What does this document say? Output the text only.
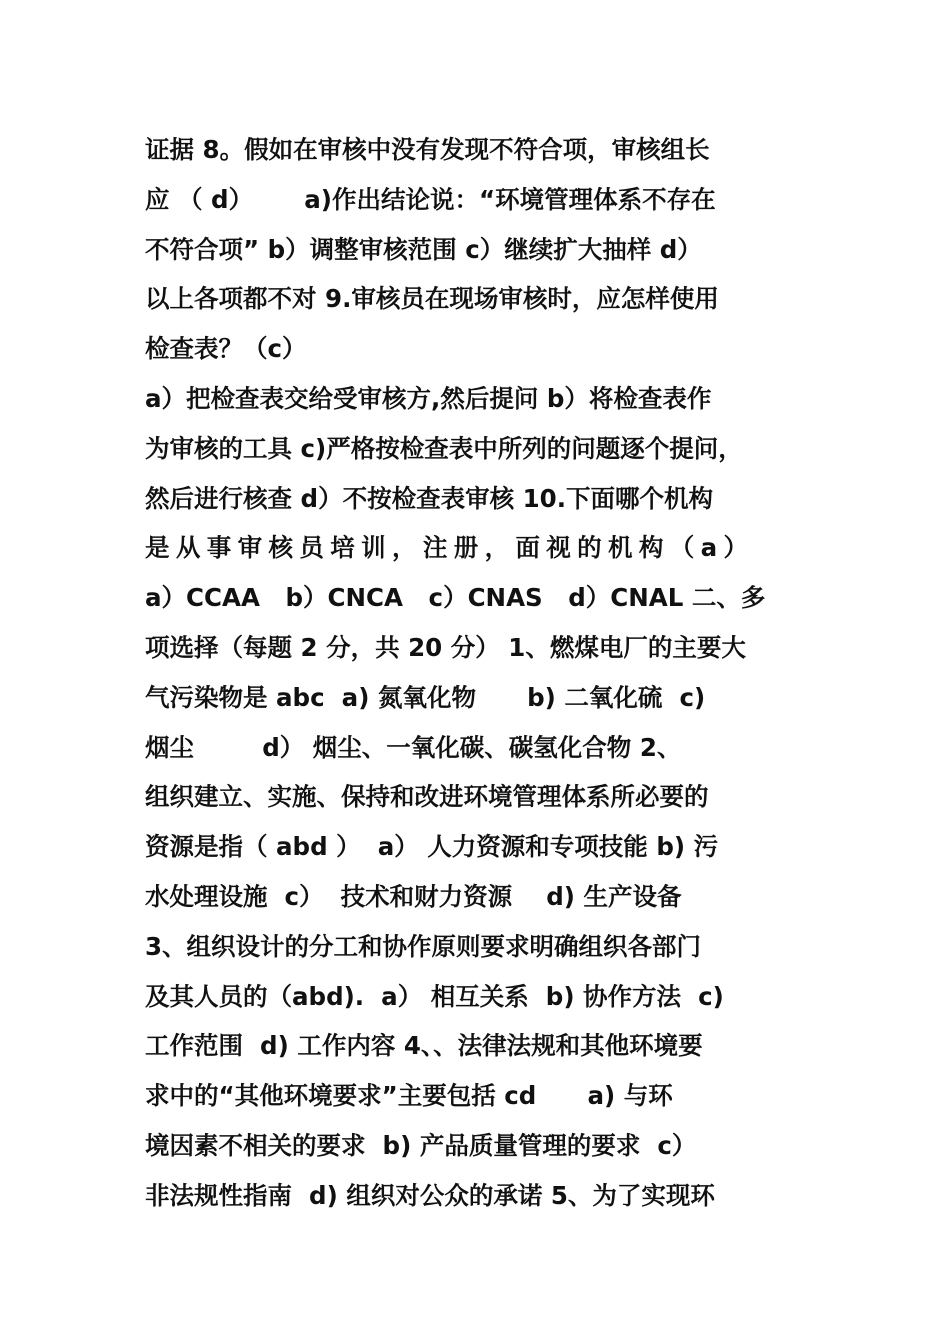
证据 8。假如在审核中没有发现不符合项，审核组长
应 （ d）      a)作出结论说：“环境管理体系不存在
不符合项” b）调整审核范围 c）继续扩大抽样 d）
以上各项都不对 9.审核员在现场审核时，应怎样使用
检查表？（c）
a）把检查表交给受审核方,然后提问 b）将检查表作
为审核的工具 c)严格按检查表中所列的问题逐个提问，
然后进行核查 d）不按检查表审核 10.下面哪个机构
是从事审核员培训，注册，面视的机构（a）
a）CCAA   b）CNCA   c）CNAS   d）CNAL 二、多
项选择（每题 2 分，共 20 分） 1、燃煤电厂的主要大
气污染物是 abc  a) 氮氧化物      b) 二氧化硫  c)
烟尘        d） 烟尘、一氧化碳、碳氢化合物 2、
组织建立、实施、保持和改进环境管理体系所必要的
资源是指（ abd ）  a） 人力资源和专项技能 b) 污
水处理设施  c）  技术和财力资源    d) 生产设备
3、组织设计的分工和协作原则要求明确组织各部门
及其人员的（abd).  a） 相互关系  b) 协作方法  c)
工作范围  d) 工作内容 4、、法律法规和其他环境要
求中的“其他环境要求”主要包括 cd      a) 与环
境因素不相关的要求  b) 产品质量管理的要求  c）
非法规性指南  d) 组织对公众的承诺 5、为了实现环
